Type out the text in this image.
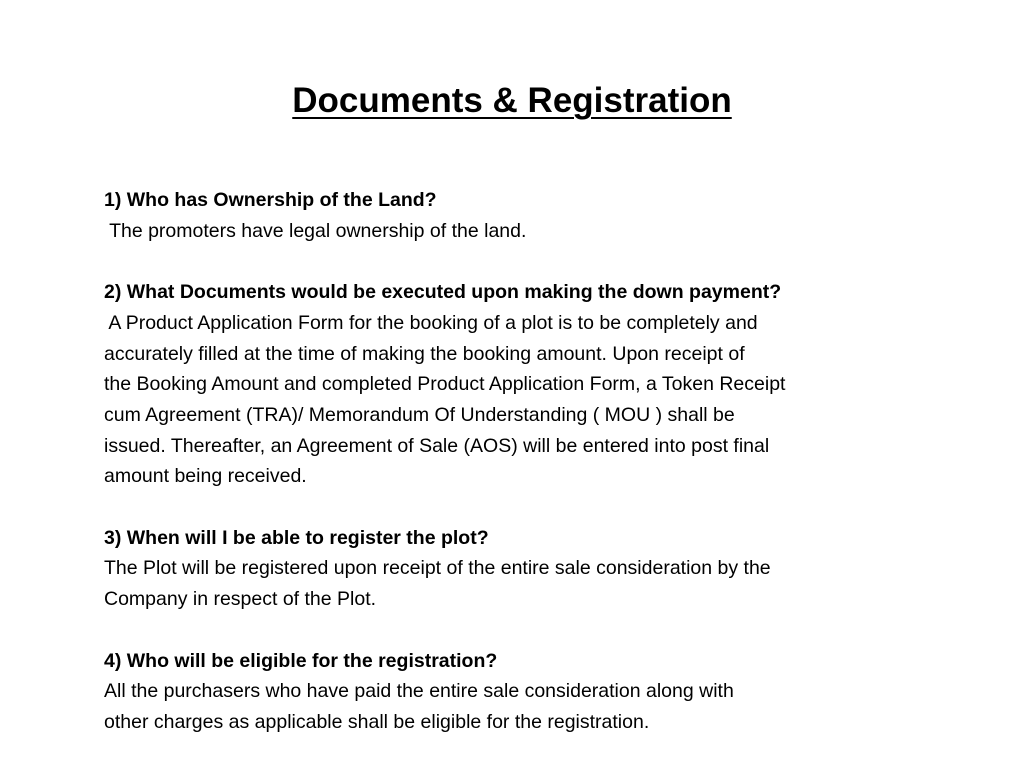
Documents & Registration

1) Who has Ownership of the Land?

The promoters have legal ownership of the land.

2) What Documents would be executed upon making the down payment?

A Product Application Form for the booking of a plot is to be completely and
accurately filled at the time of making the booking amount. Upon receipt of
the Booking Amount and completed Product Application Form, a Token Receipt
cum Agreement (TRA)/ Memorandum Of Understanding ( MOU ) shall be
issued. Thereafter, an Agreement of Sale (AOS) will be entered into post final
amount being received.

3) When will I be able to register the plot?

The Plot will be registered upon receipt of the entire sale consideration by the
Company in respect of the Plot.

4) Who will be eligible for the registration?

All the purchasers who have paid the entire sale consideration along with
other charges as applicable shall be eligible for the registration.
